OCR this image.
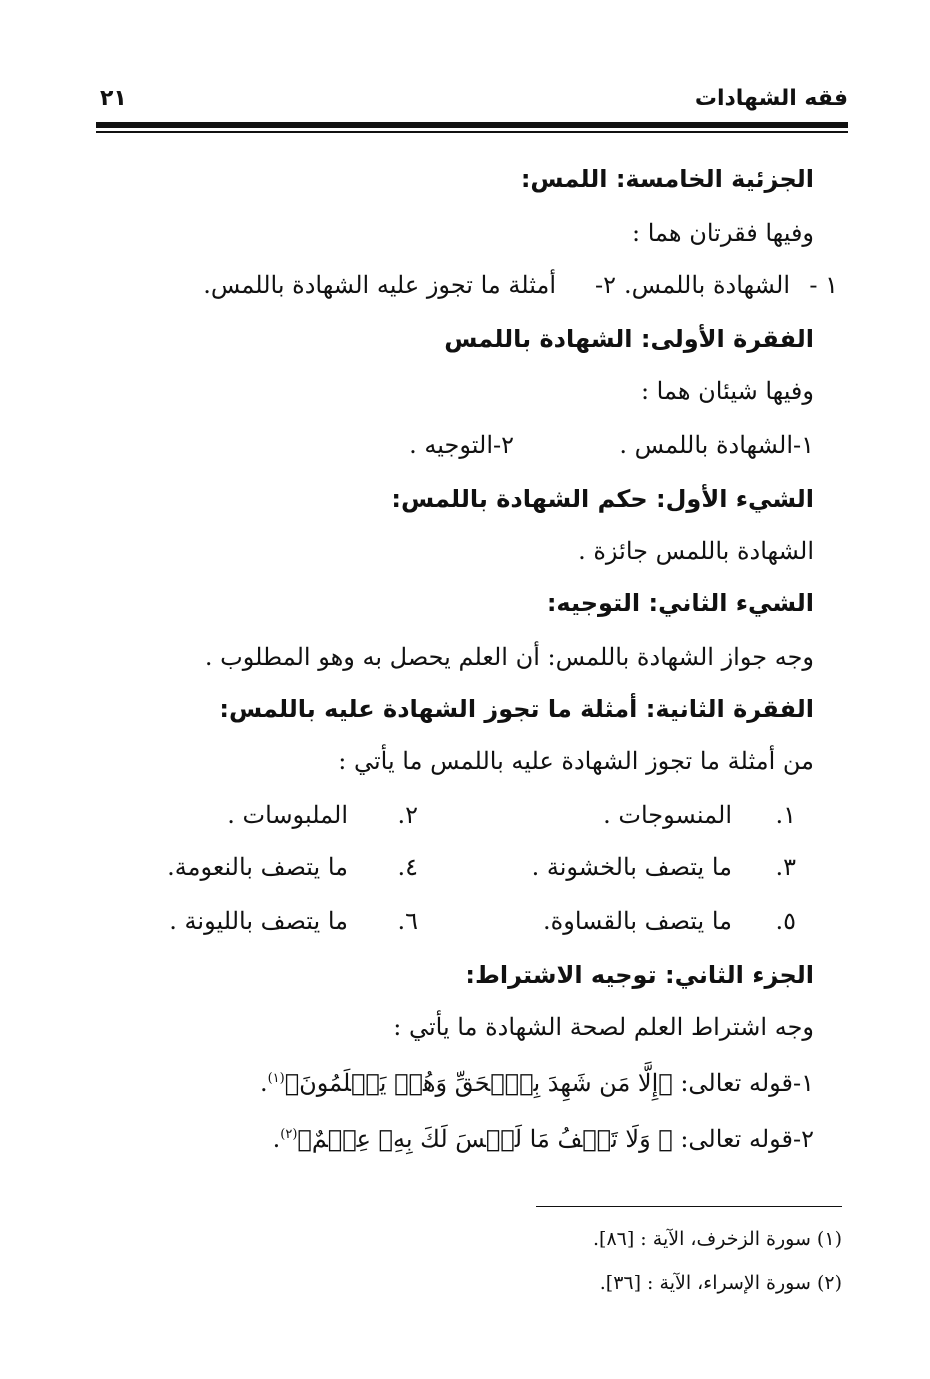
فقه الشهادات
٢١
الجزئية الخامسة: اللمس:
وفيها فقرتان هما :
١ -
الشهادة باللمس.
٢-
أمثلة ما تجوز عليه الشهادة باللمس.
الفقرة الأولى: الشهادة باللمس
وفيها شيئان هما :
١-الشهادة باللمس .
٢-التوجيه .
الشيء الأول: حكم الشهادة باللمس:
الشهادة باللمس جائزة .
الشيء الثاني: التوجيه:
وجه جواز الشهادة باللمس: أن العلم يحصل به وهو المطلوب .
الفقرة الثانية: أمثلة ما تجوز الشهادة عليه باللمس:
من أمثلة ما تجوز الشهادة عليه باللمس ما يأتي :
١.
المنسوجات .
٢.
الملبوسات .
٣.
ما يتصف بالخشونة .
٤.
ما يتصف بالنعومة.
٥.
ما يتصف بالقساوة.
٦.
ما يتصف بالليونة .
الجزء الثاني: توجيه الاشتراط:
وجه اشتراط العلم لصحة الشهادة ما يأتي :
١-قوله تعالى: ﴿إِلَّا مَن شَهِدَ بِٱلۡحَقِّ وَهُمۡ يَعۡلَمُونَ﴾$^{(١)}$.
٢-قوله تعالى: ﴿ وَلَا تَقۡفُ مَا لَيۡسَ لَكَ بِهِۦ عِلۡمٌ﴾$^{(٢)}$.
(١) سورة الزخرف، الآية : [٨٦].
(٢) سورة الإسراء، الآية : [٣٦].
